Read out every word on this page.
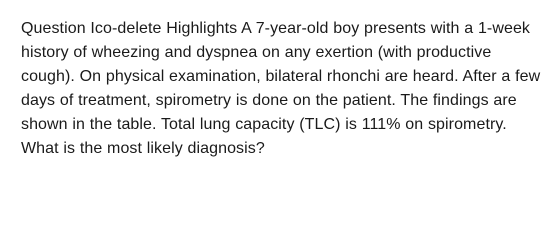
Question Ico-delete Highlights A 7-year-old boy presents with a 1-week history of wheezing and dyspnea on any exertion (with productive cough). On physical examination, bilateral rhonchi are heard. After a few days of treatment, spirometry is done on the patient. The findings are shown in the table. Total lung capacity (TLC) is 111% on spirometry. What is the most likely diagnosis?
